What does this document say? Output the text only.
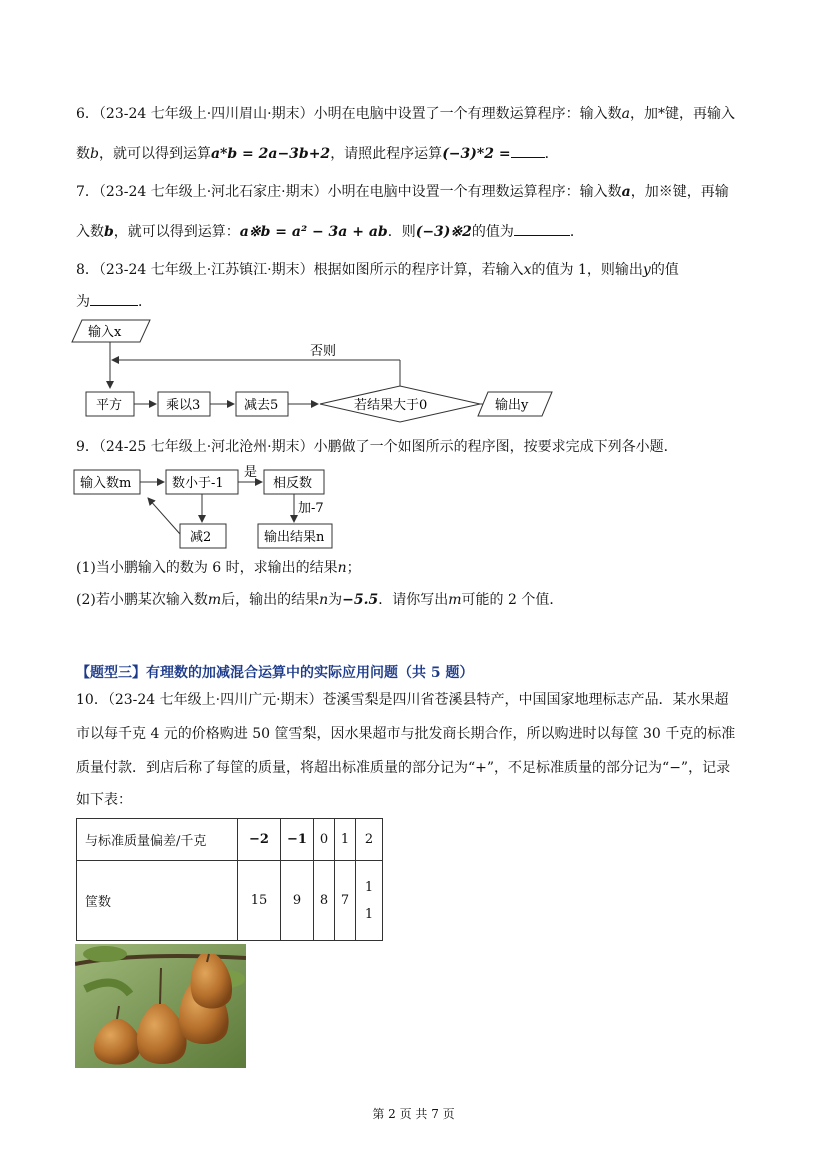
6．（23-24 七年级上·四川眉山·期末）小明在电脑中设置了一个有理数运算程序：输入数a，加*键，再输入
数b，就可以得到运算a*b = 2a−3b+2，请照此程序运算(−3)*2 = ．
7．（23-24 七年级上·河北石家庄·期末）小明在电脑中设置一个有理数运算程序：输入数a，加※键，再输
入数b，就可以得到运算：a※b = a² − 3a + ab．则(−3)※2的值为	．
8．（23-24 七年级上·江苏镇江·期末）根据如图所示的程序计算，若输入x的值为 1，则输出y的值
为	．
输入x
否则
平方	乘以3	减去5	若结果大于0	输出y
9．（24-25 七年级上·河北沧州·期末）小鹏做了一个如图所示的程序图，按要求完成下列各小题．
输入数m	数小于-1
是
相反数
加-7
输出结果n
减2
(1)当小鹏输入的数为 6 时，求输出的结果n；
(2)若小鹏某次输入数m后，输出的结果n为−5.5．请你写出m可能的 2 个值．
【题型三】有理数的加减混合运算中的实际应用问题（共 5 题）
10．（23-24 七年级上·四川广元·期末）苍溪雪梨是四川省苍溪县特产，中国国家地理标志产品．某水果超
市以每千克 4 元的价格购进 50 筐雪梨，因水果超市与批发商长期合作，所以购进时以每筐 30 千克的标准
质量付款．到店后称了每筐的质量，将超出标准质量的部分记为“+”，不足标准质量的部分记为“−”，记录
如下表：
与标准质量偏差/千克	−2	−1	0	1	2
筐数	15	9	8	7	1
1
第 2 页 共 7 页
